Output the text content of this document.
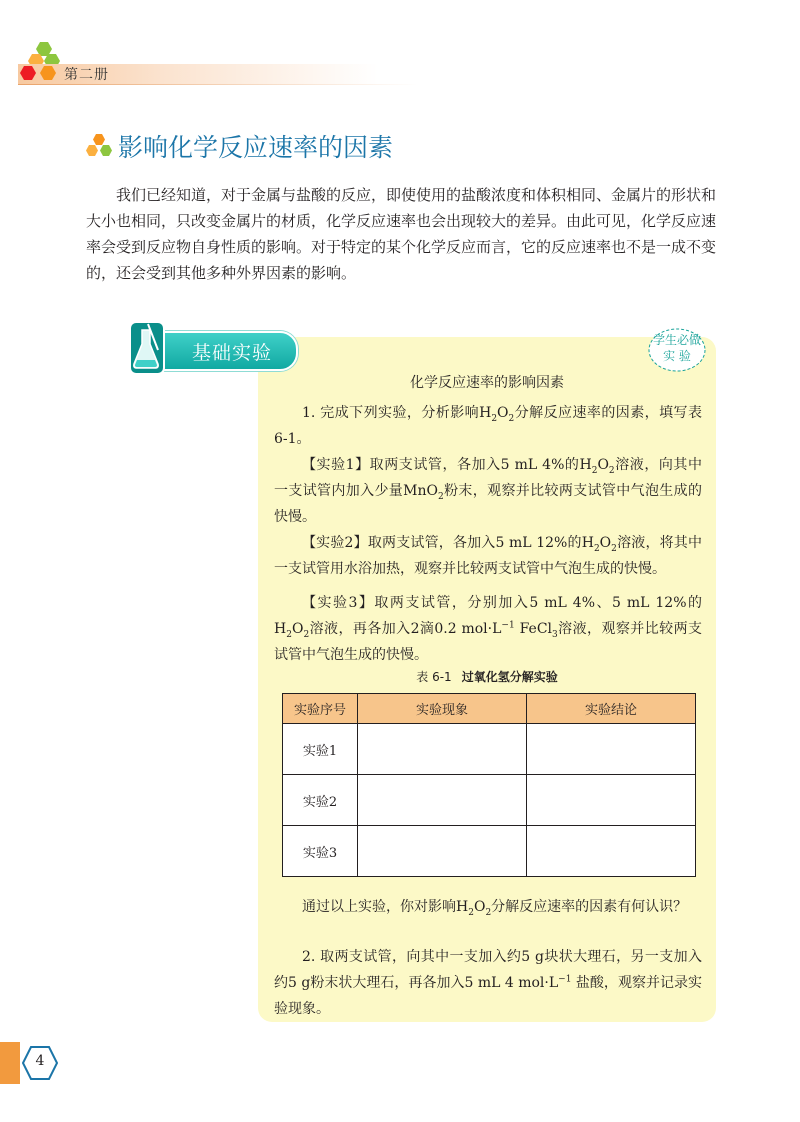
第二册
影响化学反应速率的因素

我们已经知道，对于金属与盐酸的反应，即使使用的盐酸浓度和体积相同、金属片的形状和大小也相同，只改变金属片的材质，化学反应速率也会出现较大的差异。由此可见，化学反应速率会受到反应物自身性质的影响。对于特定的某个化学反应而言，它的反应速率也不是一成不变的，还会受到其他多种外界因素的影响。

基础实验
学生必做
实 验

化学反应速率的影响因素

1. 完成下列实验，分析影响$H_2O_2$分解反应速率的因素，填写表6-1。

【实验1】取两支试管，各加入5 mL 4%的$H_2O_2$溶液，向其中一支试管内加入少量MnO$_2$粉末，观察并比较两支试管中气泡生成的快慢。

【实验2】取两支试管，各加入5 mL 12%的$H_2O_2$溶液，将其中一支试管用水浴加热，观察并比较两支试管中气泡生成的快慢。

【实验3】取两支试管，分别加入5 mL 4%、5 mL 12%的$H_2O_2$溶液，再各加入2滴0.2 $mol\cdot L^{-1}$ FeCl$_3$溶液，观察并比较两支试管中气泡生成的快慢。

表 6-1 过氧化氢分解实验

实验序号	实验现象	实验结论
实验1		
实验2		
实验3		

通过以上实验，你对影响$H_2O_2$分解反应速率的因素有何认识？

2. 取两支试管，向其中一支加入约5 g块状大理石，另一支加入约5 g粉末状大理石，再各加入5 mL 4 $mol\cdot L^{-1}$ 盐酸，观察并记录实验现象。

4
